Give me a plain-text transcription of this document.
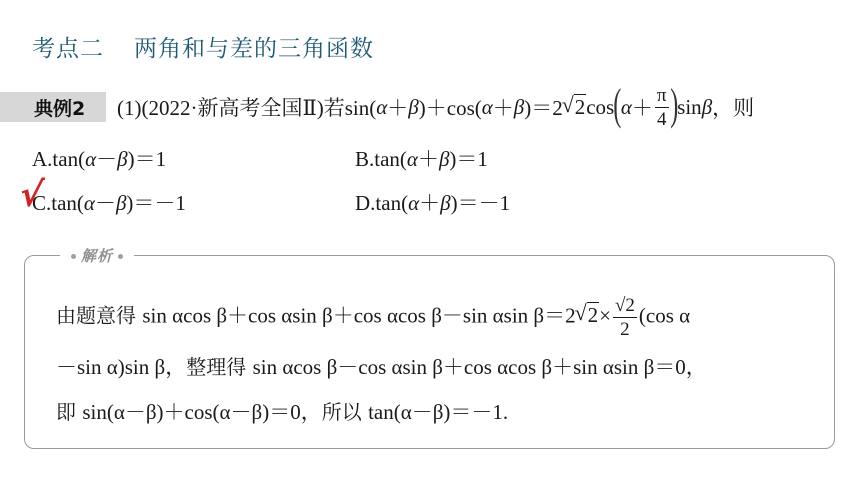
考点二 两角和与差的三角函数
典例2 (1)(2022·新高考全国Ⅱ)若sin( α ＋ β )＋cos( α ＋ β )＝2 √ 2 cos ( $\alpha + \frac{\pi}{4}$ ) sin β ，则
A.tan(α－β)＝1	B.tan(α＋β)＝1
C.tan(α－β)＝－1	D.tan(α＋β)＝－1
√
解析
由题意得 sin αcos β＋cos αsin β＋cos αcos β－sin αsin β＝2 √ $2\times \frac{√2}{2} (\cos$ α
－sin α)sin β，整理得 sin αcos β－cos αsin β＋cos αcos β＋sin αsin β＝0，
即 sin(α－β)＋cos(α－β)＝0，所以 tan(α－β)＝－1.
